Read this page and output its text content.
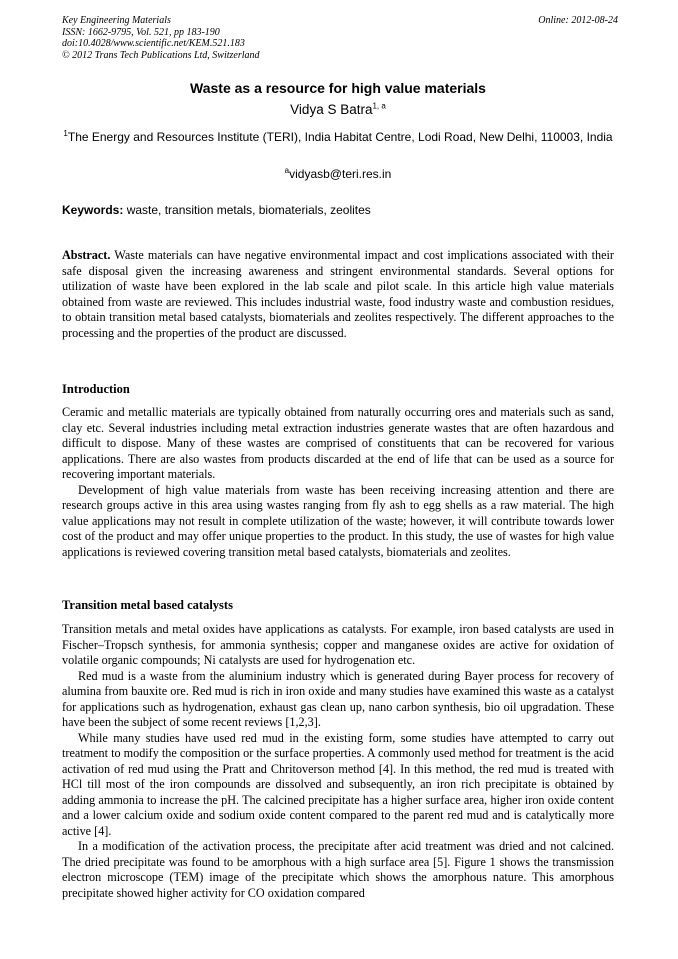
Key Engineering Materials
ISSN: 1662-9795, Vol. 521, pp 183-190
doi:10.4028/www.scientific.net/KEM.521.183
© 2012 Trans Tech Publications Ltd, Switzerland
Online: 2012-08-24
Waste as a resource for high value materials
Vidya S Batra$^{1, a}$
$^1$The Energy and Resources Institute (TERI), India Habitat Centre, Lodi Road, New Delhi, 110003, India
$^a$vidyasb@teri.res.in
Keywords: waste, transition metals, biomaterials, zeolites

Abstract. Waste materials can have negative environmental impact and cost implications associated with their safe disposal given the increasing awareness and stringent environmental standards. Several options for utilization of waste have been explored in the lab scale and pilot scale. In this article high value materials obtained from waste are reviewed. This includes industrial waste, food industry waste and combustion residues, to obtain transition metal based catalysts, biomaterials and zeolites respectively. The different approaches to the processing and the properties of the product are discussed.

Introduction

Ceramic and metallic materials are typically obtained from naturally occurring ores and materials such as sand, clay etc. Several industries including metal extraction industries generate wastes that are often hazardous and difficult to dispose. Many of these wastes are comprised of constituents that can be recovered for various applications. There are also wastes from products discarded at the end of life that can be used as a source for recovering important materials.

Development of high value materials from waste has been receiving increasing attention and there are research groups active in this area using wastes ranging from fly ash to egg shells as a raw material. The high value applications may not result in complete utilization of the waste; however, it will contribute towards lower cost of the product and may offer unique properties to the product. In this study, the use of wastes for high value applications is reviewed covering transition metal based catalysts, biomaterials and zeolites.

Transition metal based catalysts

Transition metals and metal oxides have applications as catalysts. For example, iron based catalysts are used in Fischer–Tropsch synthesis, for ammonia synthesis; copper and manganese oxides are active for oxidation of volatile organic compounds; Ni catalysts are used for hydrogenation etc.

Red mud is a waste from the aluminium industry which is generated during Bayer process for recovery of alumina from bauxite ore. Red mud is rich in iron oxide and many studies have examined this waste as a catalyst for applications such as hydrogenation, exhaust gas clean up, nano carbon synthesis, bio oil upgradation. These have been the subject of some recent reviews [1,2,3].

While many studies have used red mud in the existing form, some studies have attempted to carry out treatment to modify the composition or the surface properties. A commonly used method for treatment is the acid activation of red mud using the Pratt and Chritoverson method [4]. In this method, the red mud is treated with HCl till most of the iron compounds are dissolved and subsequently, an iron rich precipitate is obtained by adding ammonia to increase the pH. The calcined precipitate has a higher surface area, higher iron oxide content and a lower calcium oxide and sodium oxide content compared to the parent red mud and is catalytically more active [4].

In a modification of the activation process, the precipitate after acid treatment was dried and not calcined. The dried precipitate was found to be amorphous with a high surface area [5]. Figure 1 shows the transmission electron microscope (TEM) image of the precipitate which shows the amorphous nature. This amorphous precipitate showed higher activity for CO oxidation compared
